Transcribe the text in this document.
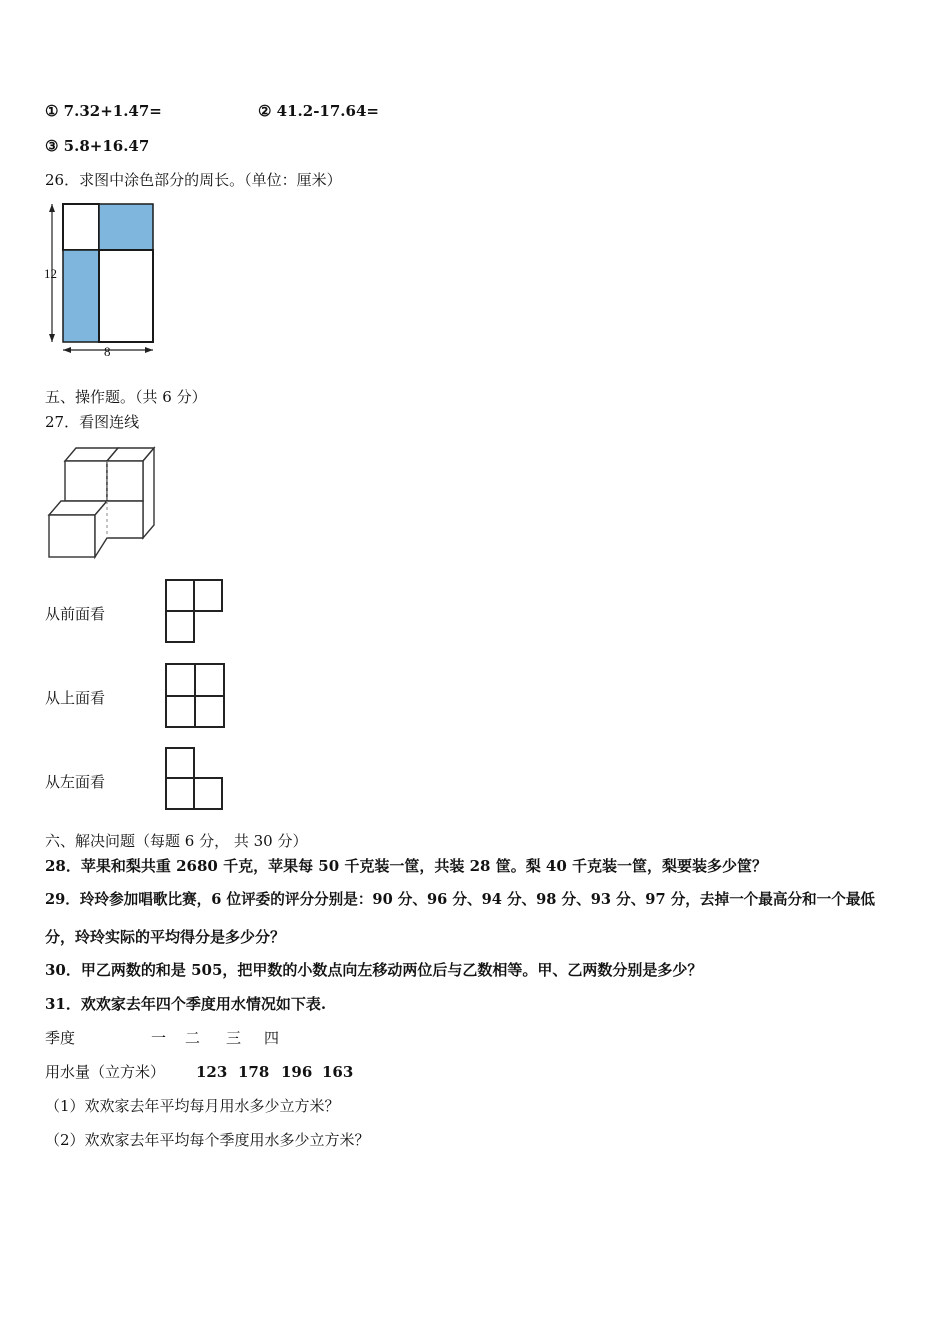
① 7.32+1.47=	② 41.2-17.64=
③ 5.8+16.47
26．求图中涂色部分的周长。（单位：厘米）
12
8
五、操作题。（共 6 分）
27．看图连线
从前面看
从上面看
从左面看
六、解决问题（每题 6 分， 共 30 分）
28．苹果和梨共重 2680 千克，苹果每 50 千克装一筐，共装 28 筐。梨 40 千克装一筐，梨要装多少筐？
29．玲玲参加唱歌比赛，6 位评委的评分分别是：90 分、96 分、94 分、98 分、93 分、97 分，去掉一个最高分和一个最低
分，玲玲实际的平均得分是多少分？
30．甲乙两数的和是 505，把甲数的小数点向左移动两位后与乙数相等。甲、乙两数分别是多少？
31．欢欢家去年四个季度用水情况如下表.
季度	一 二 三 四
用水量（立方米） 123 178 196 163
（1）欢欢家去年平均每月用水多少立方米？
（2）欢欢家去年平均每个季度用水多少立方米？
